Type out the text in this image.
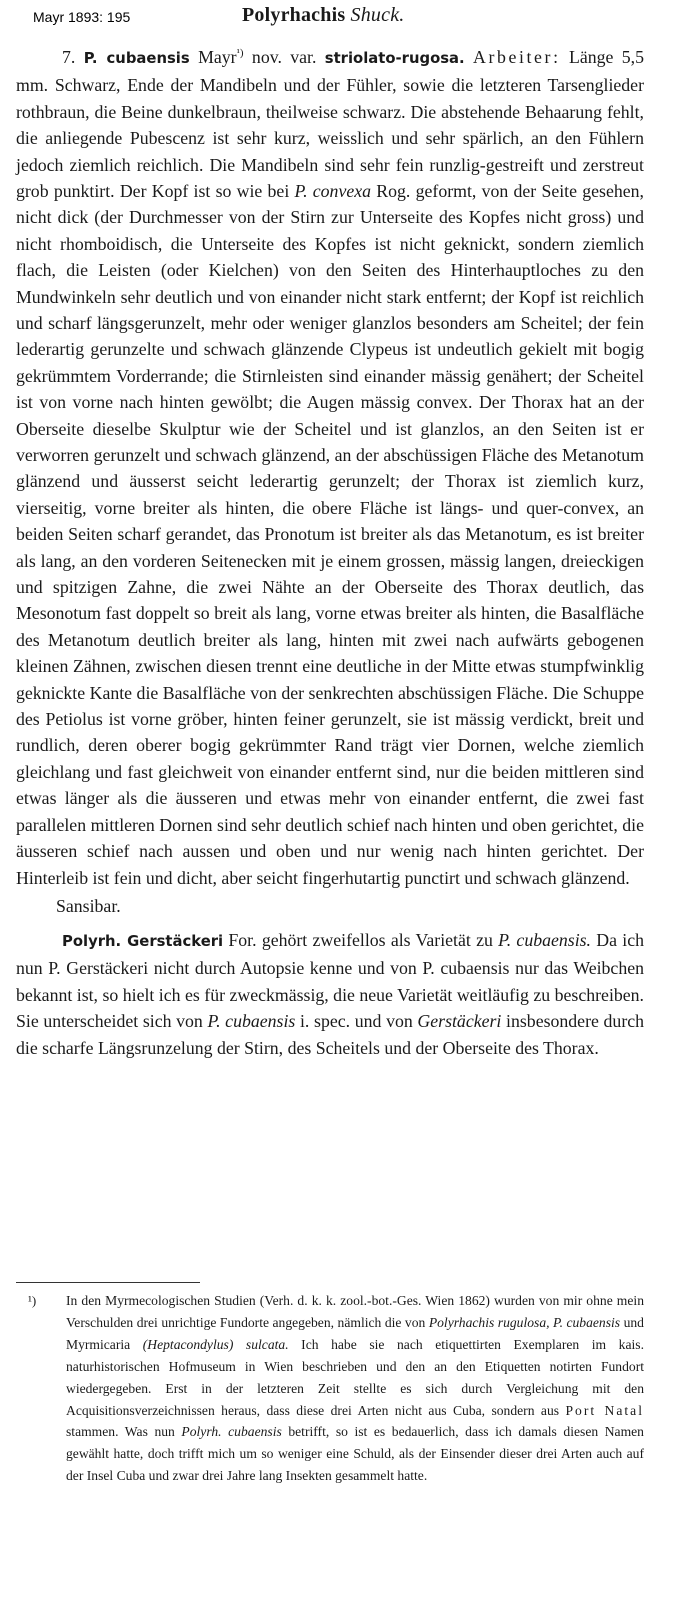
Mayr 1893: 195	Polyrhachis Shuck.

7. P. cubaensis Mayr$^{^1)}$ nov. var. striolato-rugosa. Arbeiter: Länge 5,5 mm. Schwarz, Ende der Mandibeln und der Fühler, sowie die letzteren Tarsenglieder rothbraun, die Beine dunkelbraun, theilweise schwarz. Die abstehende Behaarung fehlt, die anliegende Pubescenz ist sehr kurz, weisslich und sehr spärlich, an den Fühlern jedoch ziemlich reichlich. Die Mandibeln sind sehr fein runzlig-gestreift und zerstreut grob punktirt. Der Kopf ist so wie bei P. convexa Rog. geformt, von der Seite gesehen, nicht dick (der Durchmesser von der Stirn zur Unterseite des Kopfes nicht gross) und nicht rhomboidisch, die Unterseite des Kopfes ist nicht geknickt, sondern ziemlich flach, die Leisten (oder Kielchen) von den Seiten des Hinterhauptloches zu den Mundwinkeln sehr deutlich und von einander nicht stark entfernt; der Kopf ist reichlich und scharf längsgerunzelt, mehr oder weniger glanzlos besonders am Scheitel; der fein lederartig gerunzelte und schwach glänzende Clypeus ist undeutlich gekielt mit bogig gekrümmtem Vorderrande; die Stirnleisten sind einander mässig genähert; der Scheitel ist von vorne nach hinten gewölbt; die Augen mässig convex. Der Thorax hat an der Oberseite dieselbe Skulptur wie der Scheitel und ist glanzlos, an den Seiten ist er verworren gerunzelt und schwach glänzend, an der abschüssigen Fläche des Metanotum glänzend und äusserst seicht lederartig gerunzelt; der Thorax ist ziemlich kurz, vierseitig, vorne breiter als hinten, die obere Fläche ist längs- und quer-convex, an beiden Seiten scharf gerandet, das Pronotum ist breiter als das Metanotum, es ist breiter als lang, an den vorderen Seitenecken mit je einem grossen, mässig langen, dreieckigen und spitzigen Zahne, die zwei Nähte an der Oberseite des Thorax deutlich, das Mesonotum fast doppelt so breit als lang, vorne etwas breiter als hinten, die Basalfläche des Metanotum deutlich breiter als lang, hinten mit zwei nach aufwärts gebogenen kleinen Zähnen, zwischen diesen trennt eine deutliche in der Mitte etwas stumpfwinklig geknickte Kante die Basalfläche von der senkrechten abschüssigen Fläche. Die Schuppe des Petiolus ist vorne gröber, hinten feiner gerunzelt, sie ist mässig verdickt, breit und rundlich, deren oberer bogig gekrümmter Rand trägt vier Dornen, welche ziemlich gleichlang und fast gleichweit von einander entfernt sind, nur die beiden mittleren sind etwas länger als die äusseren und etwas mehr von einander entfernt, die zwei fast parallelen mittleren Dornen sind sehr deutlich schief nach hinten und oben gerichtet, die äusseren schief nach aussen und oben und nur wenig nach hinten gerichtet. Der Hinterleib ist fein und dicht, aber seicht fingerhutartig punctirt und schwach glänzend.

Sansibar.

Polyrh. Gerstäckeri For. gehört zweifellos als Varietät zu P. cubaensis. Da ich nun P. Gerstäckeri nicht durch Autopsie kenne und von P. cubaensis nur das Weibchen bekannt ist, so hielt ich es für zweckmässig, die neue Varietät weitläufig zu beschreiben. Sie unterscheidet sich von P. cubaensis i. spec. und von Gerstäckeri insbesondere durch die scharfe Längsrunzelung der Stirn, des Scheitels und der Oberseite des Thorax.

¹) In den Myrmecologischen Studien (Verh. d. k. k. zool.-bot.-Ges. Wien 1862) wurden von mir ohne mein Verschulden drei unrichtige Fundorte angegeben, nämlich die von Polyrhachis rugulosa, P. cubaensis und Myrmicaria (Heptacondylus) sulcata. Ich habe sie nach etiquettirten Exemplaren im kais. naturhistorischen Hofmuseum in Wien beschrieben und den an den Etiquetten notirten Fundort wiedergegeben. Erst in der letzteren Zeit stellte es sich durch Vergleichung mit den Acquisitionsverzeichnissen heraus, dass diese drei Arten nicht aus Cuba, sondern aus Port Natal stammen. Was nun Polyrh. cubaensis betrifft, so ist es bedauerlich, dass ich damals diesen Namen gewählt hatte, doch trifft mich um so weniger eine Schuld, als der Einsender dieser drei Arten auch auf der Insel Cuba und zwar drei Jahre lang Insekten gesammelt hatte.
